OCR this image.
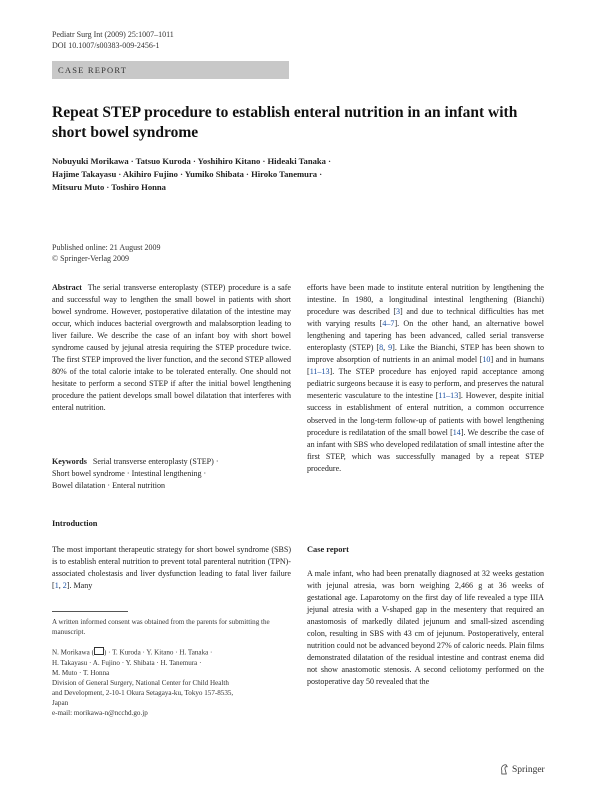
Pediatr Surg Int (2009) 25:1007–1011
DOI 10.1007/s00383-009-2456-1
CASE REPORT
Repeat STEP procedure to establish enteral nutrition in an infant with short bowel syndrome
Nobuyuki Morikawa · Tatsuo Kuroda · Yoshihiro Kitano · Hideaki Tanaka ·
Hajime Takayasu · Akihiro Fujino · Yumiko Shibata · Hiroko Tanemura ·
Mitsuru Muto · Toshiro Honna
Published online: 21 August 2009
© Springer-Verlag 2009
Abstract The serial transverse enteroplasty (STEP) procedure is a safe and successful way to lengthen the small bowel in patients with short bowel syndrome. However, postoperative dilatation of the intestine may occur, which induces bacterial overgrowth and malabsorption leading to liver failure. We describe the case of an infant boy with short bowel syndrome caused by jejunal atresia requiring the STEP procedure twice. The first STEP improved the liver function, and the second STEP allowed 80% of the total calorie intake to be tolerated enterally. One should not hesitate to perform a second STEP if after the initial bowel lengthening procedure the patient develops small bowel dilatation that interferes with enteral nutrition.
Keywords Serial transverse enteroplasty (STEP) ·
Short bowel syndrome · Intestinal lengthening ·
Bowel dilatation · Enteral nutrition
Introduction
The most important therapeutic strategy for short bowel syndrome (SBS) is to establish enteral nutrition to prevent total parenteral nutrition (TPN)-associated cholestasis and liver dysfunction leading to fatal liver failure [1, 2]. Many
A written informed consent was obtained from the parents for submitting the manuscript.
N. Morikawa ( ) · T. Kuroda · Y. Kitano · H. Tanaka ·
H. Takayasu · A. Fujino · Y. Shibata · H. Tanemura ·
M. Muto · T. Honna
Division of General Surgery, National Center for Child Health
and Development, 2-10-1 Okura Setagaya-ku, Tokyo 157-8535,
Japan
e-mail: morikawa-n@ncchd.go.jp
efforts have been made to institute enteral nutrition by lengthening the intestine. In 1980, a longitudinal intestinal lengthening (Bianchi) procedure was described [3] and due to technical difficulties has met with varying results [4–7]. On the other hand, an alternative bowel lengthening and tapering has been advanced, called serial transverse enteroplasty (STEP) [8, 9]. Like the Bianchi, STEP has been shown to improve absorption of nutrients in an animal model [10] and in humans [11–13]. The STEP procedure has enjoyed rapid acceptance among pediatric surgeons because it is easy to perform, and preserves the natural mesenteric vasculature to the intestine [11–13]. However, despite initial success in establishment of enteral nutrition, a common occurrence observed in the long-term follow-up of patients with bowel lengthening procedure is redilatation of the small bowel [14]. We describe the case of an infant with SBS who developed redilatation of small intestine after the first STEP, which was successfully managed by a repeat STEP procedure.
Case report
A male infant, who had been prenatally diagnosed at 32 weeks gestation with jejunal atresia, was born weighing 2,466 g at 36 weeks of gestational age. Laparotomy on the first day of life revealed a type IIIA jejunal atresia with a V-shaped gap in the mesentery that required an anastomosis of markedly dilated jejunum and small-sized ascending colon, resulting in SBS with 43 cm of jejunum. Postoperatively, enteral nutrition could not be advanced beyond 27% of caloric needs. Plain films demonstrated dilatation of the residual intestine and contrast enema did not show anastomotic stenosis. A second celiotomy performed on the postoperative day 50 revealed that the
Springer
